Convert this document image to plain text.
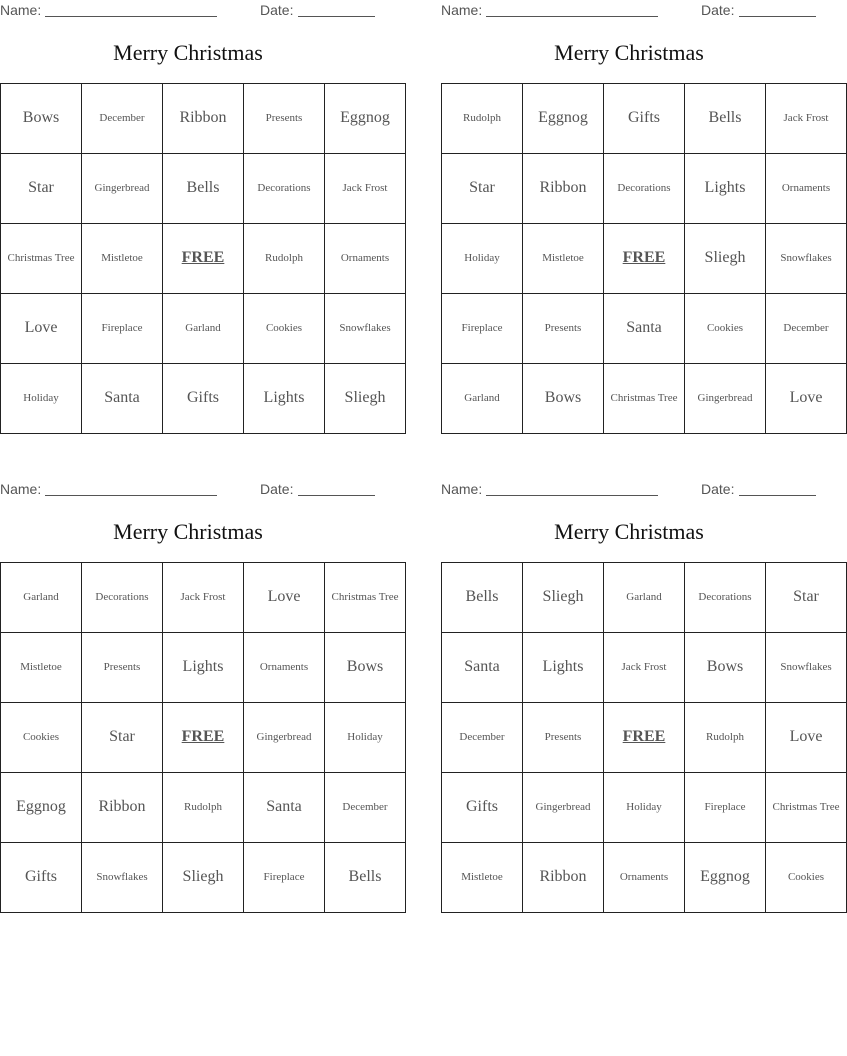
Name:	Date:
Merry Christmas
Bows	December	Ribbon	Presents	Eggnog
Star	Gingerbread	Bells	Decorations	Jack Frost
Christmas Tree	Mistletoe	FREE	Rudolph	Ornaments
Love	Fireplace	Garland	Cookies	Snowflakes
Holiday	Santa	Gifts	Lights	Sliegh
Name:	Date:
Merry Christmas
Rudolph	Eggnog	Gifts	Bells	Jack Frost
Star	Ribbon	Decorations	Lights	Ornaments
Holiday	Mistletoe	FREE	Sliegh	Snowflakes
Fireplace	Presents	Santa	Cookies	December
Garland	Bows	Christmas Tree	Gingerbread	Love
Name:	Date:
Merry Christmas
Garland	Decorations	Jack Frost	Love	Christmas Tree
Mistletoe	Presents	Lights	Ornaments	Bows
Cookies	Star	FREE	Gingerbread	Holiday
Eggnog	Ribbon	Rudolph	Santa	December
Gifts	Snowflakes	Sliegh	Fireplace	Bells
Name:	Date:
Merry Christmas
Bells	Sliegh	Garland	Decorations	Star
Santa	Lights	Jack Frost	Bows	Snowflakes
December	Presents	FREE	Rudolph	Love
Gifts	Gingerbread	Holiday	Fireplace	Christmas Tree
Mistletoe	Ribbon	Ornaments	Eggnog	Cookies
